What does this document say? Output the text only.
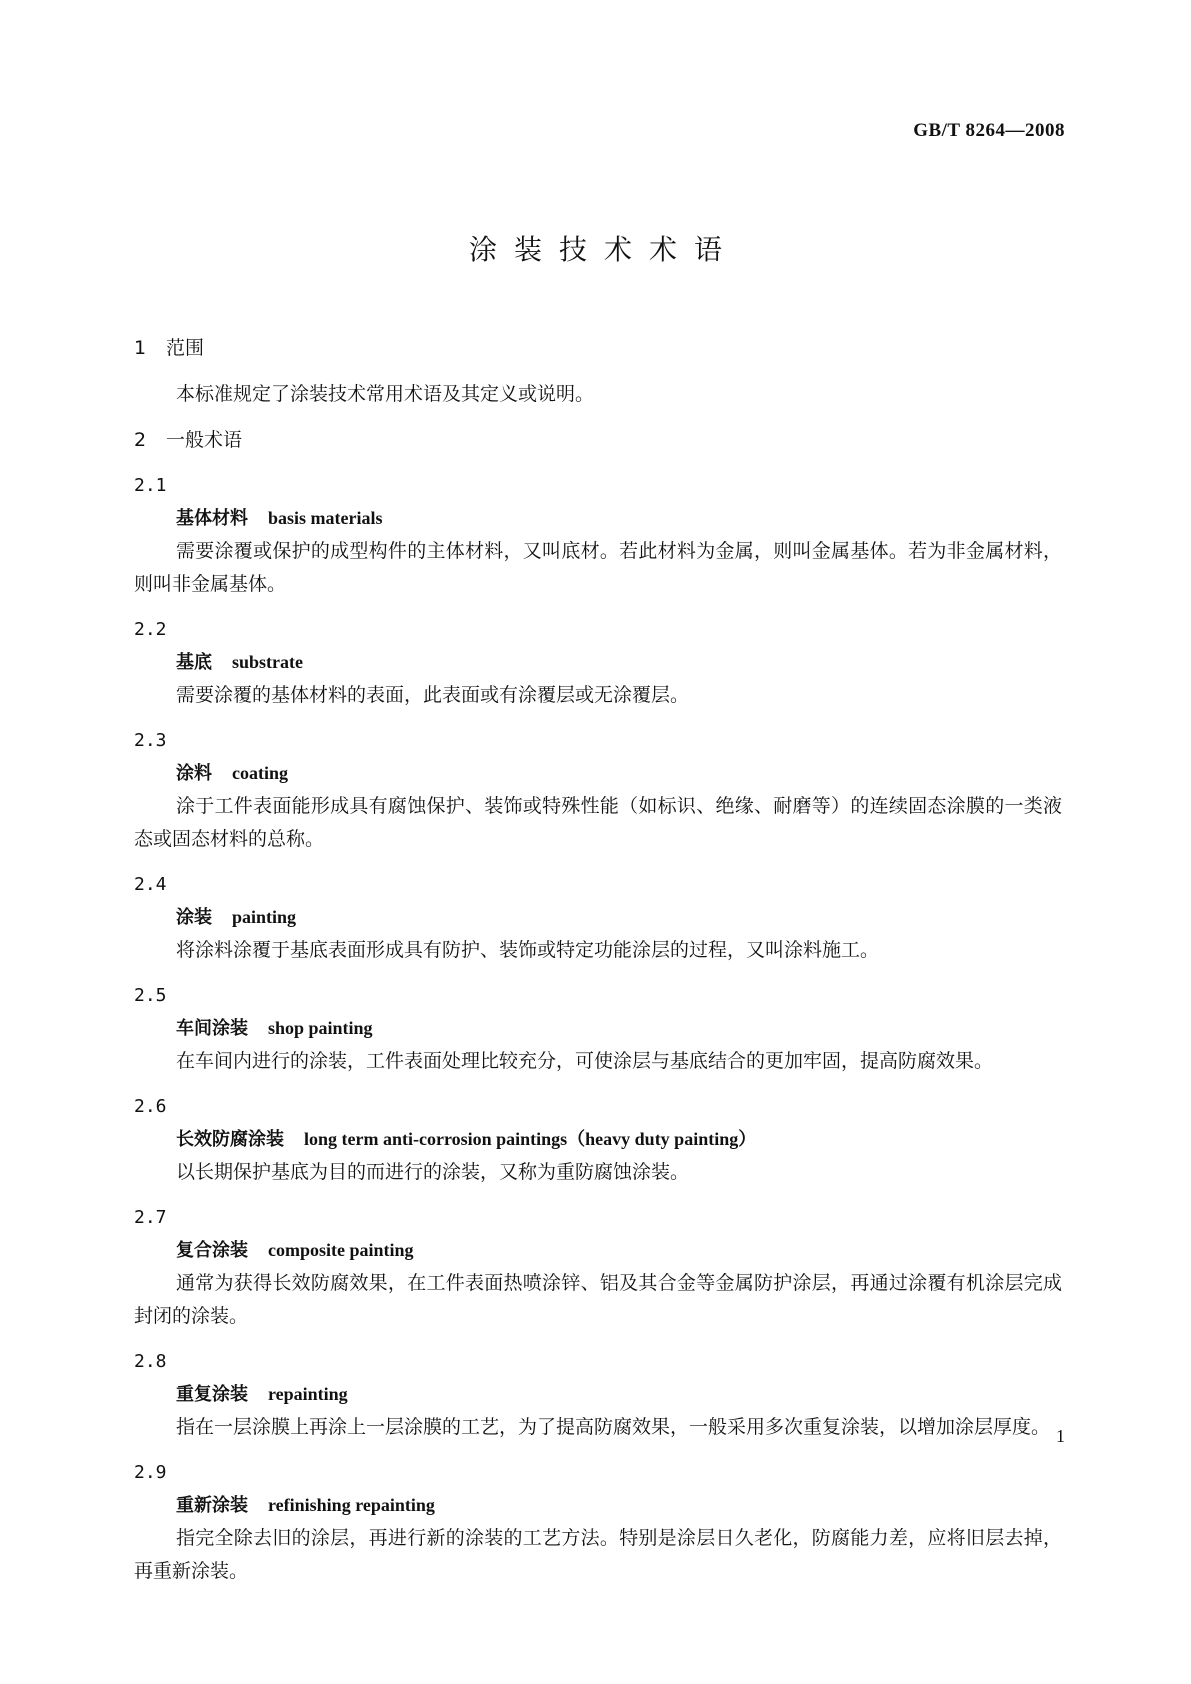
GB/T 8264—2008
涂装技术术语
1 范围
本标准规定了涂装技术常用术语及其定义或说明。
2 一般术语
2.1
基体材料 basis materials
需要涂覆或保护的成型构件的主体材料，又叫底材。若此材料为金属，则叫金属基体。若为非金属材料，则叫非金属基体。
2.2
基底 substrate
需要涂覆的基体材料的表面，此表面或有涂覆层或无涂覆层。
2.3
涂料 coating
涂于工件表面能形成具有腐蚀保护、装饰或特殊性能（如标识、绝缘、耐磨等）的连续固态涂膜的一类液态或固态材料的总称。
2.4
涂装 painting
将涂料涂覆于基底表面形成具有防护、装饰或特定功能涂层的过程，又叫涂料施工。
2.5
车间涂装 shop painting
在车间内进行的涂装，工件表面处理比较充分，可使涂层与基底结合的更加牢固，提高防腐效果。
2.6
长效防腐涂装 long term anti-corrosion paintings（heavy duty painting）
以长期保护基底为目的而进行的涂装，又称为重防腐蚀涂装。
2.7
复合涂装 composite painting
通常为获得长效防腐效果，在工件表面热喷涂锌、铝及其合金等金属防护涂层，再通过涂覆有机涂层完成封闭的涂装。
2.8
重复涂装 repainting
指在一层涂膜上再涂上一层涂膜的工艺，为了提高防腐效果，一般采用多次重复涂装，以增加涂层厚度。
2.9
重新涂装 refinishing repainting
指完全除去旧的涂层，再进行新的涂装的工艺方法。特别是涂层日久老化，防腐能力差，应将旧层去掉，再重新涂装。
1
